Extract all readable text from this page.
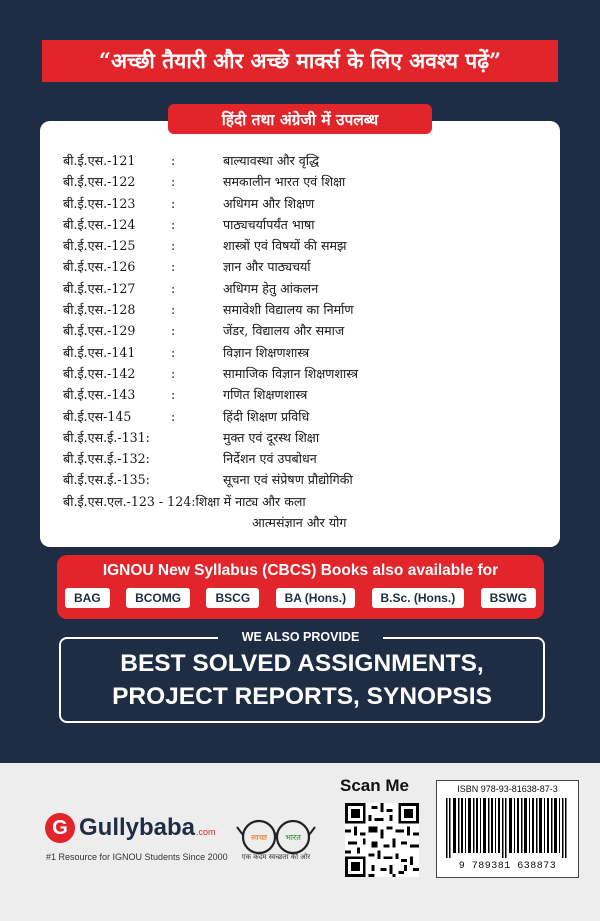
“अच्छी तैयारी और अच्छे मार्क्स के लिए अवश्य पढ़ें”
हिंदी तथा अंग्रेजी में उपलब्ध
बी.ई.एस.-121	:	बाल्यावस्था और वृद्धि
बी.ई.एस.-122	:	समकालीन भारत एवं शिक्षा
बी.ई.एस.-123	:	अधिगम और शिक्षण
बी.ई.एस.-124	:	पाठ्यचर्यापर्यंत भाषा
बी.ई.एस.-125	:	शास्त्रों एवं विषयों की समझ
बी.ई.एस.-126	:	ज्ञान और पाठ्यचर्या
बी.ई.एस.-127	:	अधिगम हेतु आंकलन
बी.ई.एस.-128	:	समावेशी विद्यालय का निर्माण
बी.ई.एस.-129	:	जेंडर, विद्यालय और समाज
बी.ई.एस.-141	:	विज्ञान शिक्षणशास्त्र
बी.ई.एस.-142	:	सामाजिक विज्ञान शिक्षणशास्त्र
बी.ई.एस.-143	:	गणित शिक्षणशास्त्र
बी.ई.एस-145	:	हिंदी शिक्षण प्रविधि
बी.ई.एस.ई.-131:	मुक्त एवं दूरस्थ शिक्षा
बी.ई.एस.ई.-132:	निर्देशन एवं उपबोधन
बी.ई.एस.ई.-135:	सूचना एवं संप्रेषण प्रौद्योगिकी
बी.ई.एस.एल.-123 - 124:शिक्षा में नाट्य और कला
आत्मसंज्ञान और योग
IGNOU New Syllabus (CBCS) Books also available for
BAG	BCOMG	BSCG	BA (Hons.)	B.Sc. (Hons.)	BSWG
WE ALSO PROVIDE
BEST SOLVED ASSIGNMENTS,
PROJECT REPORTS, SYNOPSIS
G Gullybaba .com
#1 Resource for IGNOU Students Since 2000
स्वच्छ भारत
एक कदम स्वच्छता की ओर
Scan Me	ISBN 978-93-81638-87-3
9 789381 638873
